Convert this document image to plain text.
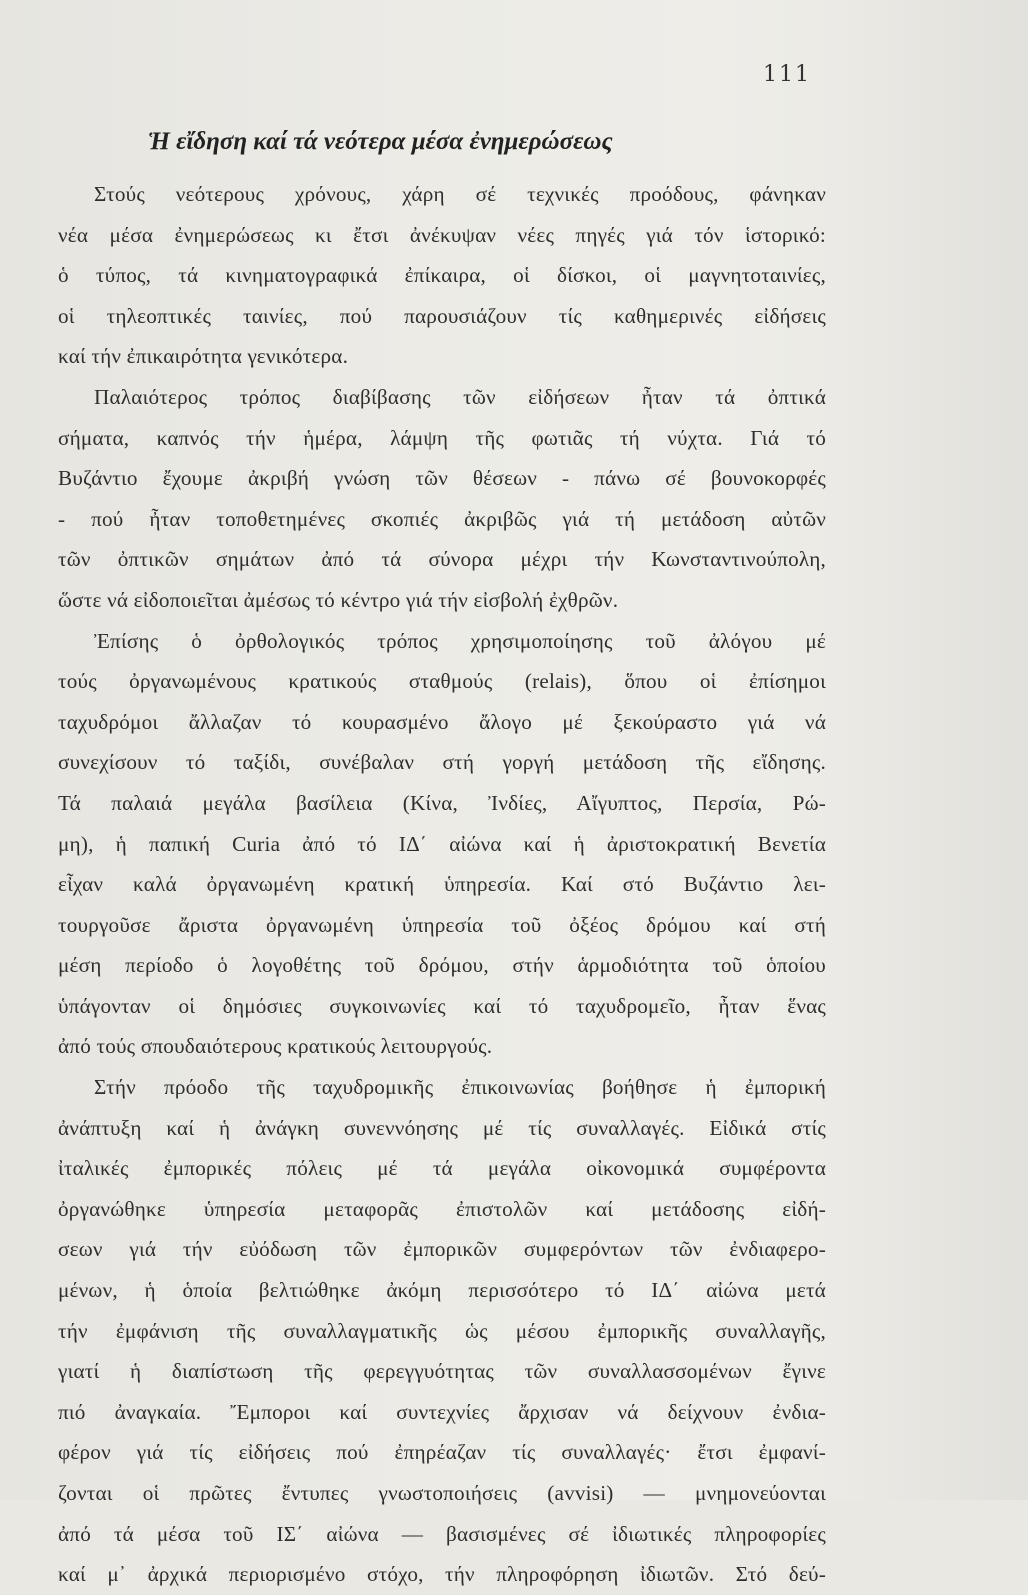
111
Ἡ εἴδηση καί τά νεότερα μέσα ἐνημερώσεως
Στούς νεότερους χρόνους, χάρη σέ τεχνικές προόδους, φάνηκαν
νέα μέσα ἐνημερώσεως κι ἔτσι ἀνέκυψαν νέες πηγές γιά τόν ἱστορικό:
ὁ τύπος, τά κινηματογραφικά ἐπίκαιρα, οἱ δίσκοι, οἱ μαγνητοταινίες,
οἱ τηλεοπτικές ταινίες, πού παρουσιάζουν τίς καθημερινές εἰδήσεις
καί τήν ἐπικαιρότητα γενικότερα.
Παλαιότερος τρόπος διαβίβασης τῶν εἰδήσεων ἦταν τά ὀπτικά
σήματα, καπνός τήν ἡμέρα, λάμψη τῆς φωτιᾶς τή νύχτα. Γιά τό
Βυζάντιο ἔχουμε ἀκριβή γνώση τῶν θέσεων - πάνω σέ βουνοκορφές
- πού ἦταν τοποθετημένες σκοπιές ἀκριβῶς γιά τή μετάδοση αὐτῶν
τῶν ὀπτικῶν σημάτων ἀπό τά σύνορα μέχρι τήν Κωνσταντινούπολη,
ὥστε νά εἰδοποιεῖται ἀμέσως τό κέντρο γιά τήν εἰσβολή ἐχθρῶν.
Ἐπίσης ὁ ὀρθολογικός τρόπος χρησιμοποίησης τοῦ ἀλόγου μέ
τούς ὀργανωμένους κρατικούς σταθμούς (relais), ὅπου οἱ ἐπίσημοι
ταχυδρόμοι ἄλλαζαν τό κουρασμένο ἄλογο μέ ξεκούραστο γιά νά
συνεχίσουν τό ταξίδι, συνέβαλαν στή γοργή μετάδοση τῆς εἴδησης.
Τά παλαιά μεγάλα βασίλεια (Κίνα, Ἰνδίες, Αἴγυπτος, Περσία, Ρώ-
μη), ἡ παπική Curia ἀπό τό ΙΔ΄ αἰώνα καί ἡ ἀριστοκρατική Βενετία
εἶχαν καλά ὀργανωμένη κρατική ὑπηρεσία. Καί στό Βυζάντιο λει-
τουργοῦσε ἄριστα ὀργανωμένη ὑπηρεσία τοῦ ὀξέος δρόμου καί στή
μέση περίοδο ὁ λογοθέτης τοῦ δρόμου, στήν ἁρμοδιότητα τοῦ ὁποίου
ὑπάγονταν οἱ δημόσιες συγκοινωνίες καί τό ταχυδρομεῖο, ἦταν ἕνας
ἀπό τούς σπουδαιότερους κρατικούς λειτουργούς.
Στήν πρόοδο τῆς ταχυδρομικῆς ἐπικοινωνίας βοήθησε ἡ ἐμπορική
ἀνάπτυξη καί ἡ ἀνάγκη συνεννόησης μέ τίς συναλλαγές. Εἰδικά στίς
ἰταλικές ἐμπορικές πόλεις μέ τά μεγάλα οἰκονομικά συμφέροντα
ὀργανώθηκε ὑπηρεσία μεταφορᾶς ἐπιστολῶν καί μετάδοσης εἰδή-
σεων γιά τήν εὐόδωση τῶν ἐμπορικῶν συμφερόντων τῶν ἐνδιαφερο-
μένων, ἡ ὁποία βελτιώθηκε ἀκόμη περισσότερο τό ΙΔ΄ αἰώνα μετά
τήν ἐμφάνιση τῆς συναλλαγματικῆς ὡς μέσου ἐμπορικῆς συναλλαγῆς,
γιατί ἡ διαπίστωση τῆς φερεγγυότητας τῶν συναλλασσομένων ἔγινε
πιό ἀναγκαία. Ἔμποροι καί συντεχνίες ἄρχισαν νά δείχνουν ἐνδια-
φέρον γιά τίς εἰδήσεις πού ἐπηρέαζαν τίς συναλλαγές· ἔτσι ἐμφανί-
ζονται οἱ πρῶτες ἔντυπες γνωστοποιήσεις (avvisi) — μνημονεύονται
ἀπό τά μέσα τοῦ ΙΣ΄ αἰώνα — βασισμένες σέ ἰδιωτικές πληροφορίες
καί μ᾿ ἀρχικά περιορισμένο στόχο, τήν πληροφόρηση ἰδιωτῶν. Στό δεύ-
